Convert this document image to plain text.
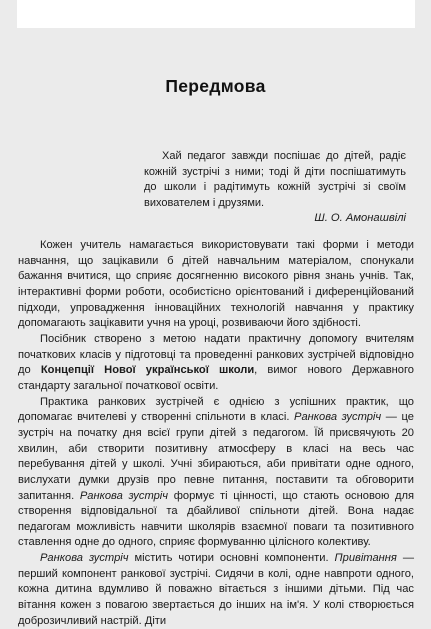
Передмова

Хай педагог завжди поспішає до дітей, радіє кожній зустрічі з ними; тоді й діти поспішатимуть до школи і радітимуть кожній зустрічі зі своїм вихователем і друзями.

Ш. О. Амонашвілі

Кожен учитель намагається використовувати такі форми і методи навчання, що зацікавили б дітей навчальним матеріалом, спонукали бажання вчитися, що сприяє досягненню високого рівня знань учнів. Так, інтерактивні форми роботи, особистісно орієнтований і диференційований підходи, упровадження інноваційних технологій навчання у практику допомагають зацікавити учня на уроці, розвиваючи його здібності.

Посібник створено з метою надати практичну допомогу вчителям початкових класів у підготовці та проведенні ранкових зустрічей відповідно до Концепції Нової української школи, вимог нового Державного стандарту загальної початкової освіти.

Практика ранкових зустрічей є однією з успішних практик, що допомагає вчителеві у створенні спільноти в класі. Ранкова зустріч — це зустріч на початку дня всієї групи дітей з педагогом. Їй присвячують 20 хвилин, аби створити позитивну атмосферу в класі на весь час перебування дітей у школі. Учні збираються, аби привітати одне одного, вислухати думки друзів про певне питання, поставити та обговорити запитання. Ранкова зустріч формує ті цінності, що стають основою для створення відповідальної та дбайливої спільноти дітей. Вона надає педагогам можливість навчити школярів взаємної поваги та позитивного ставлення одне до одного, сприяє формуванню цілісного колективу.

Ранкова зустріч містить чотири основні компоненти. Привітання — перший компонент ранкової зустрічі. Сидячи в колі, одне навпроти одного, кожна дитина вдумливо й поважно вітається з іншими дітьми. Під час вітання кожен з повагою звертається до інших на ім'я. У колі створюється доброзичливий настрій. Діти
